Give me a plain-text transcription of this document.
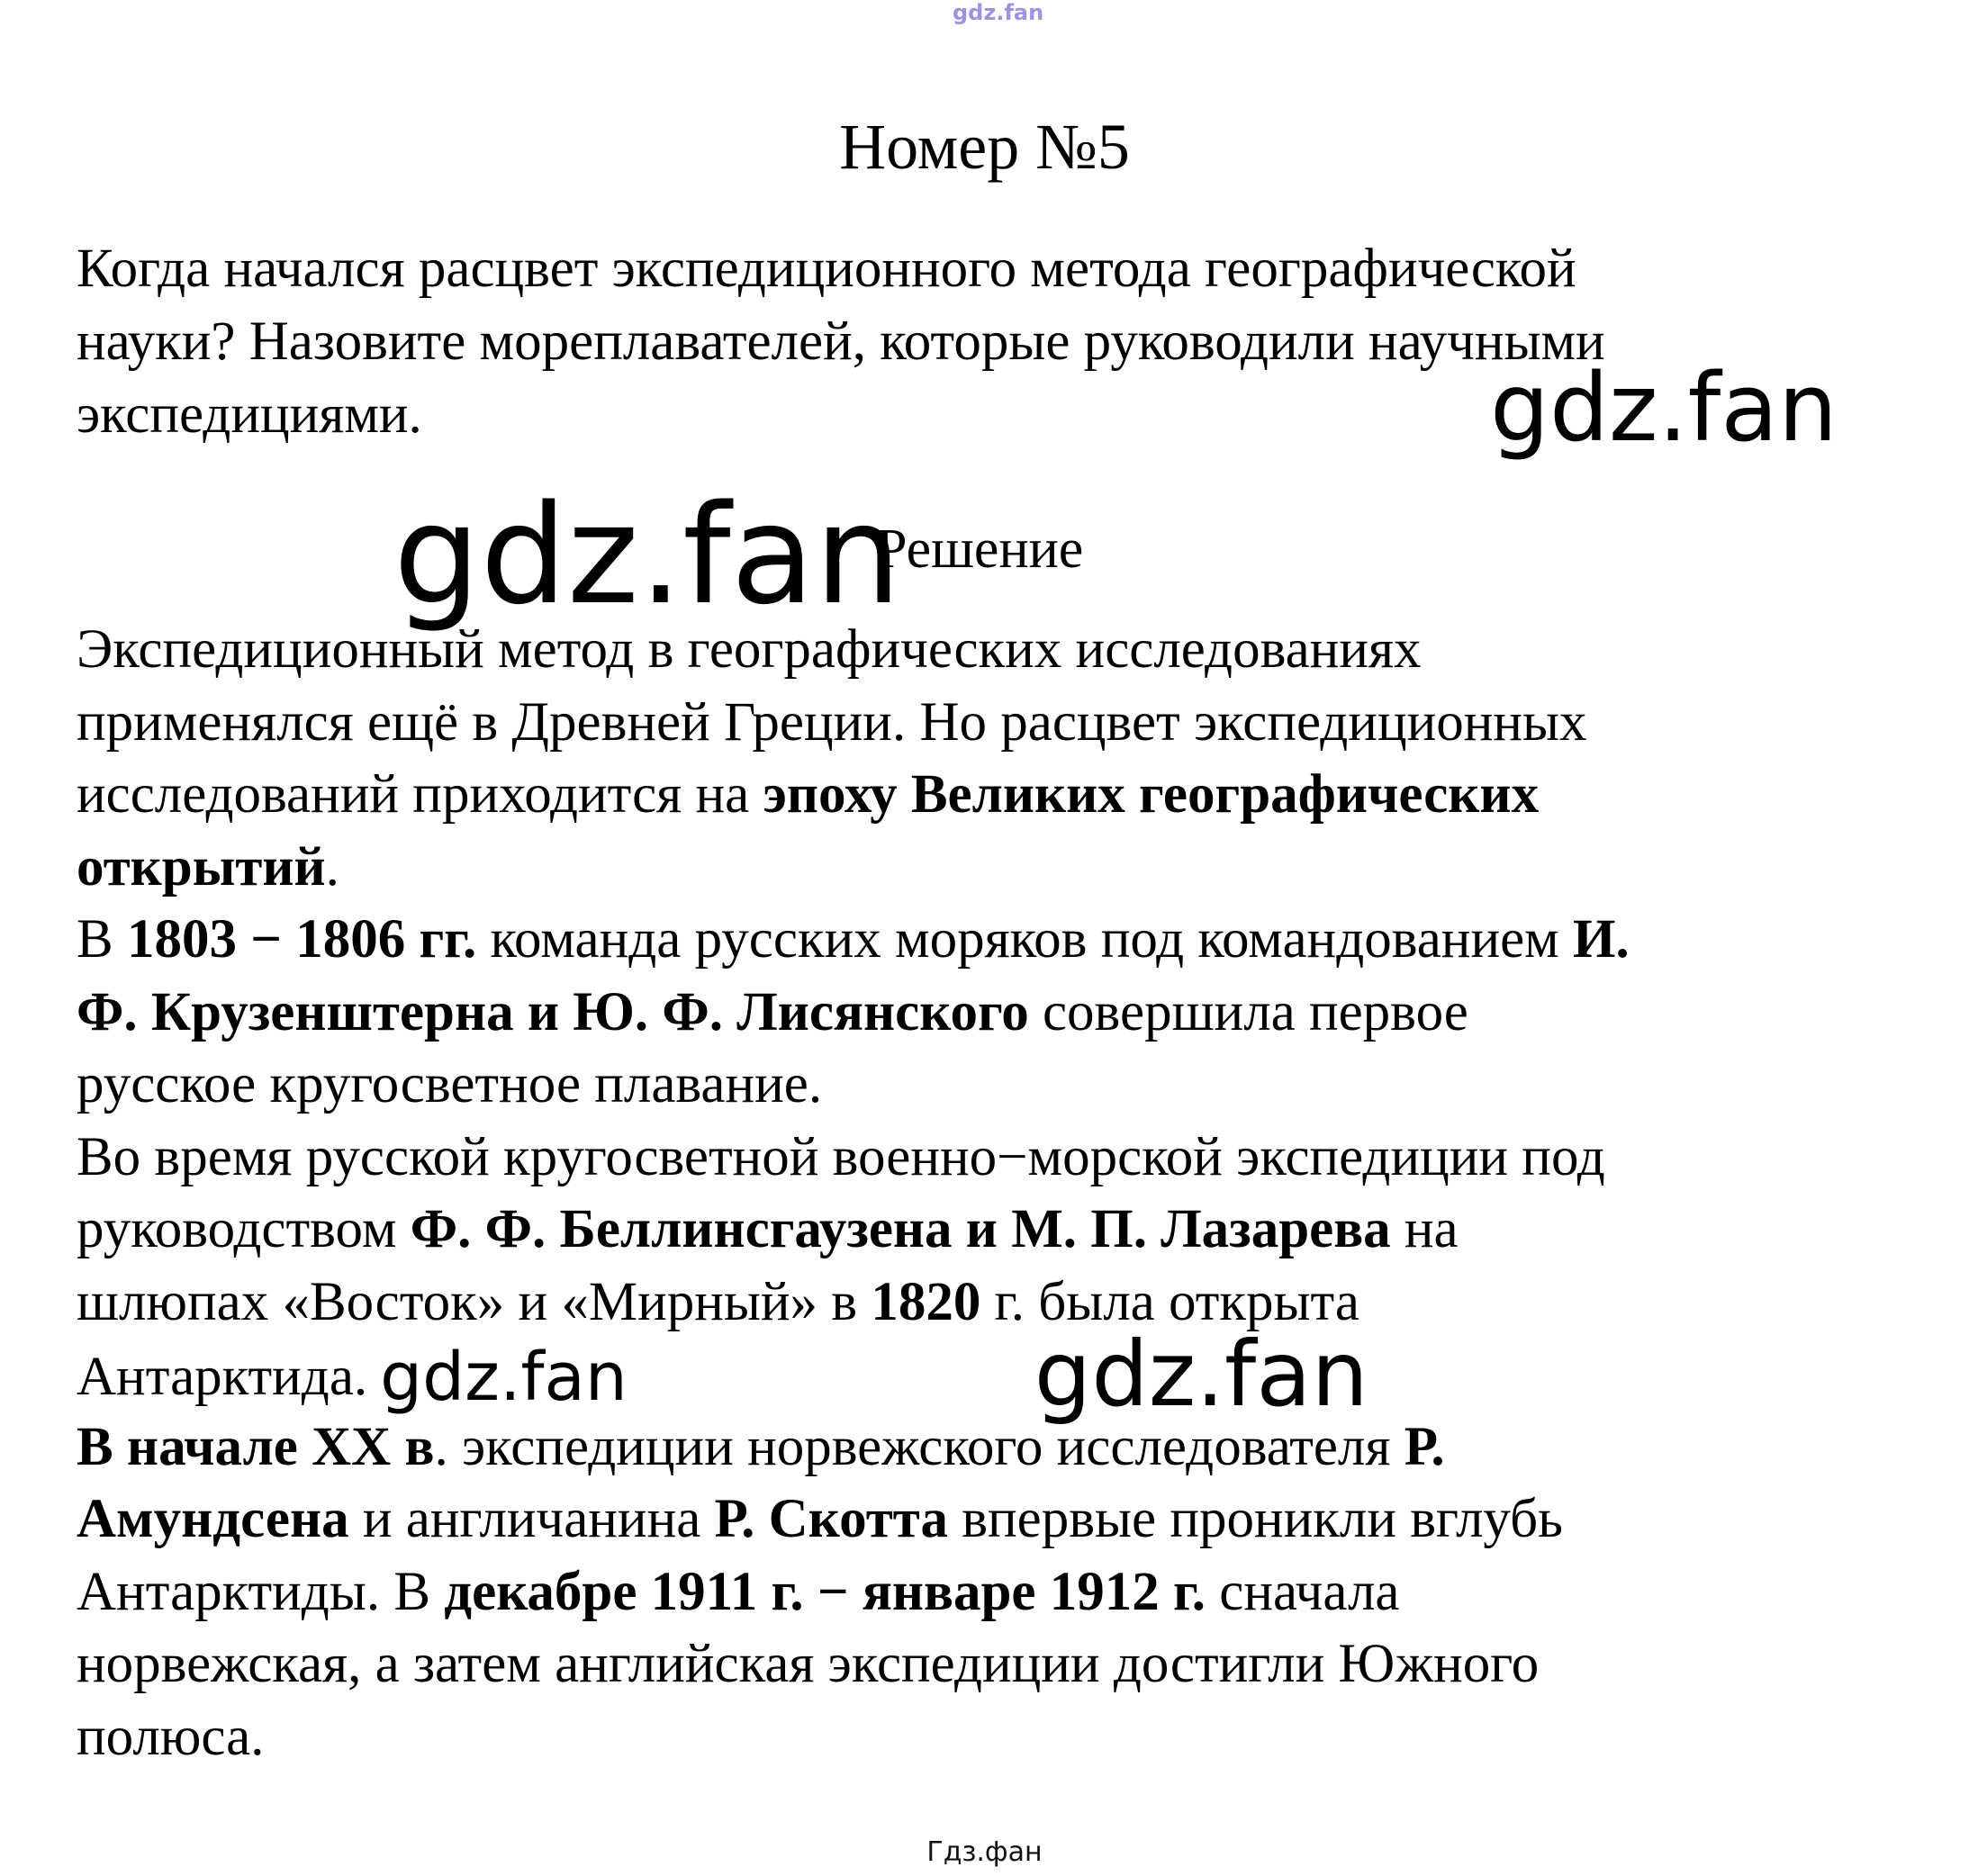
gdz.fan
Номер №5
Когда начался расцвет экспедиционного метода географической
науки? Назовите мореплавателей, которые руководили научными
экспедициями.	gdz.fan
gdz.fan
Решение
Экспедиционный метод в географических исследованиях
применялся ещё в Древней Греции. Но расцвет экспедиционных
исследований приходится на эпоху Великих географических
открытий.
В 1803 − 1806 гг. команда русских моряков под командованием И.
Ф. Крузенштерна и Ю. Ф. Лисянского совершила первое
русское кругосветное плавание.
Во время русской кругосветной военно−морской экспедиции под
руководством Ф. Ф. Беллинсгаузена и М. П. Лазарева на
шлюпах «Восток» и «Мирный» в 1820 г. была открыта
Антарктида. gdz.fan	gdz.fan
В начале XX в. экспедиции норвежского исследователя Р.
Амундсена и англичанина Р. Скотта впервые проникли вглубь
Антарктиды. В декабре 1911 г. − январе 1912 г. сначала
норвежская, а затем английская экспедиции достигли Южного
полюса.
Гдз.фан
